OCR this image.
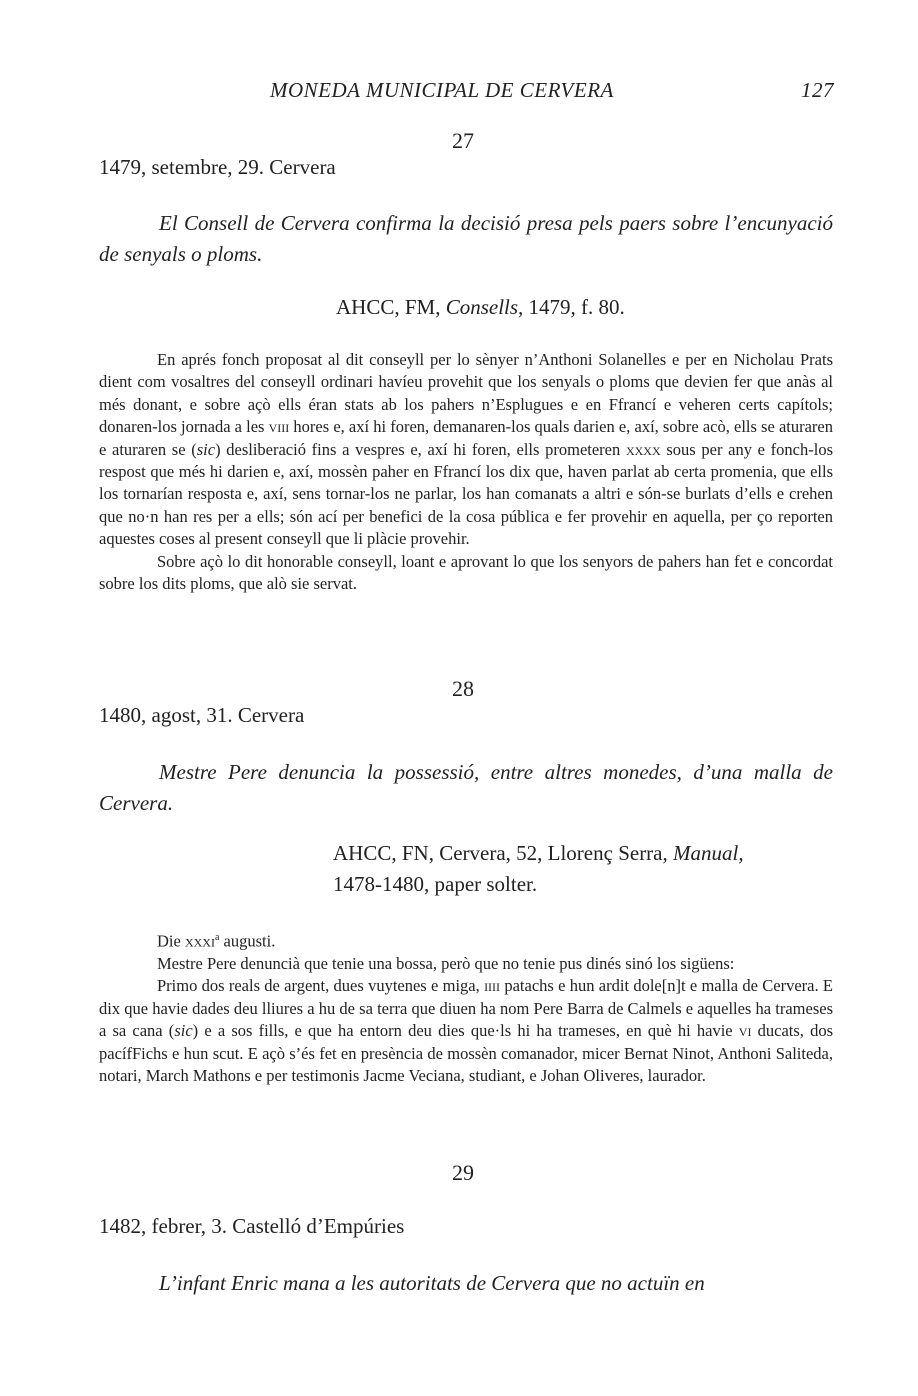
MONEDA MUNICIPAL DE CERVERA	127
27
1479, setembre, 29. Cervera

El Consell de Cervera confirma la decisió presa pels paers sobre l’encunyació de senyals o ploms.

AHCC, FM, Consells, 1479, f. 80.

En aprés fonch proposat al dit conseyll per lo sènyer n’Anthoni Solanelles e per en Nicholau Prats dient com vosaltres del conseyll ordinari havíeu provehit que los senyals o ploms que devien fer que anàs al més donant, e sobre açò ells éran stats ab los pahers n’Esplugues e en Ffrancí e veheren certs capítols; donaren-los jornada a les viii hores e, axí hi foren, demanaren-los quals darien e, axí, sobre acò, ells se aturaren e aturaren se (sic) desliberació fins a vespres e, axí hi foren, ells prometeren xxxx sous per any e fonch-los respost que més hi darien e, axí, mossèn paher en Ffrancí los dix que, haven parlat ab certa promenia, que ells los tornarían resposta e, axí, sens tornar-los ne parlar, los han comanats a altri e són-se burlats d’ells e crehen que no·n han res per a ells; són ací per benefici de la cosa pública e fer provehir en aquella, per ço reporten aquestes coses al present conseyll que li plàcie provehir.

Sobre açò lo dit honorable conseyll, loant e aprovant lo que los senyors de pahers han fet e concordat sobre los dits ploms, que alò sie servat.

28
1480, agost, 31. Cervera

Mestre Pere denuncia la possessió, entre altres monedes, d’una malla de Cervera.

AHCC, FN, Cervera, 52, Llorenç Serra, Manual,
1478-1480, paper solter.

Die xxxi$^a$ augusti.

Mestre Pere denuncià que tenie una bossa, però que no tenie pus dinés sinó los sigüens:

Primo dos reals de argent, dues vuytenes e miga, iiii patachs e hun ardit dole[n]t e malla de Cervera. E dix que havie dades deu lliures a hu de sa terra que diuen ha nom Pere Barra de Calmels e aquelles ha trameses a sa cana (sic) e a sos fills, e que ha entorn deu dies que·ls hi ha trameses, en què hi havie vi ducats, dos pacífFichs e hun scut. E açò s’és fet en presència de mossèn comanador, micer Bernat Ninot, Anthoni Saliteda, notari, March Mathons e per testimonis Jacme Veciana, studiant, e Johan Oliveres, laurador.

29
1482, febrer, 3. Castelló d’Empúries

L’infant Enric mana a les autoritats de Cervera que no actuïn en
